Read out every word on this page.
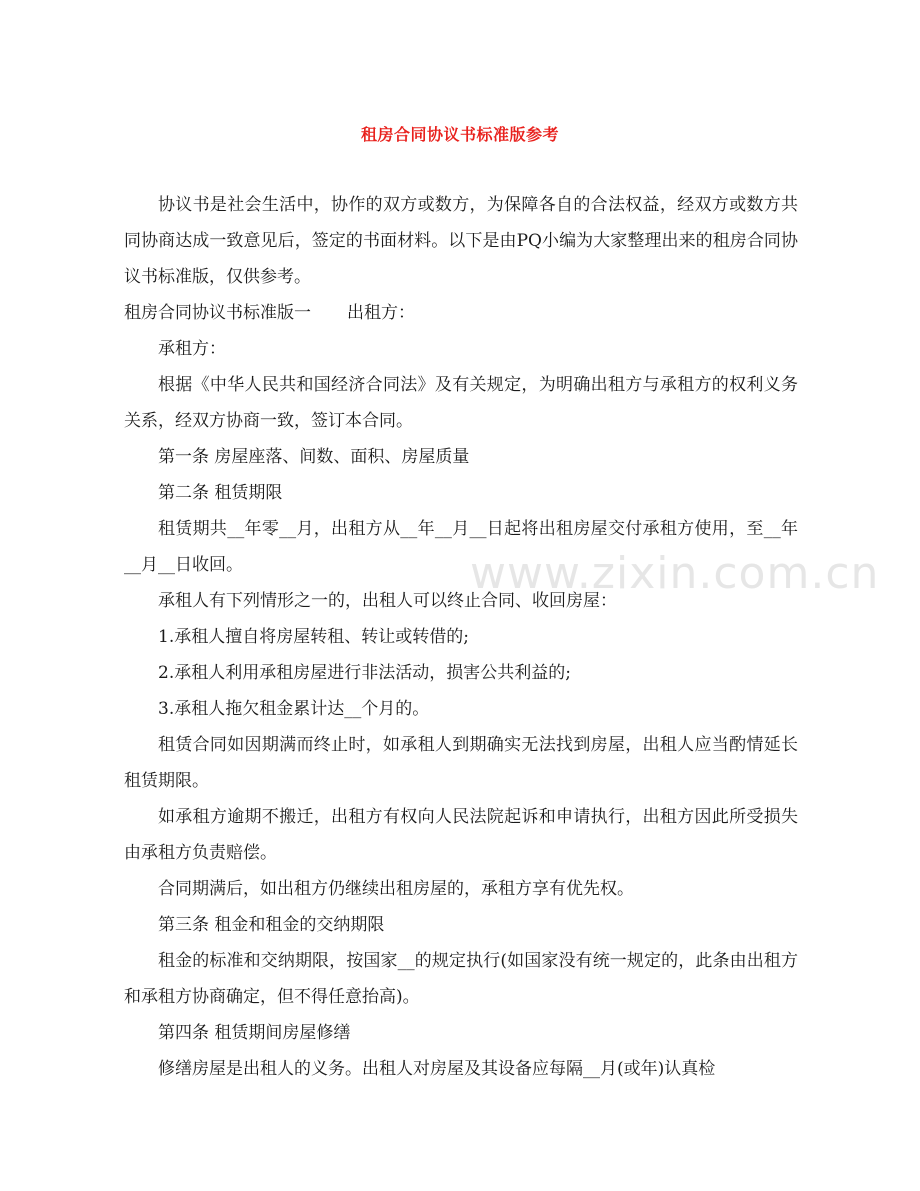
租房合同协议书标准版参考

协议书是社会生活中，协作的双方或数方，为保障各自的合法权益，经双方或数方共同协商达成一致意见后，签定的书面材料。以下是由PQ小编为大家整理出来的租房合同协议书标准版，仅供参考。

租房合同协议书标准版一 出租方：

承租方：

根据《中华人民共和国经济合同法》及有关规定，为明确出租方与承租方的权利义务关系，经双方协商一致，签订本合同。

第一条 房屋座落、间数、面积、房屋质量

第二条 租赁期限

租赁期共__年零__月，出租方从__年__月__日起将出租房屋交付承租方使用，至__年__月__日收回。

承租人有下列情形之一的，出租人可以终止合同、收回房屋：

1.承租人擅自将房屋转租、转让或转借的;

2.承租人利用承租房屋进行非法活动，损害公共利益的;

3.承租人拖欠租金累计达__个月的。

租赁合同如因期满而终止时，如承租人到期确实无法找到房屋，出租人应当酌情延长租赁期限。

如承租方逾期不搬迁，出租方有权向人民法院起诉和申请执行，出租方因此所受损失由承租方负责赔偿。

合同期满后，如出租方仍继续出租房屋的，承租方享有优先权。

第三条 租金和租金的交纳期限

租金的标准和交纳期限，按国家__的规定执行(如国家没有统一规定的，此条由出租方和承租方协商确定，但不得任意抬高)。

第四条 租赁期间房屋修缮

修缮房屋是出租人的义务。出租人对房屋及其设备应每隔__月(或年)认真检

www.zixin.com.cn
